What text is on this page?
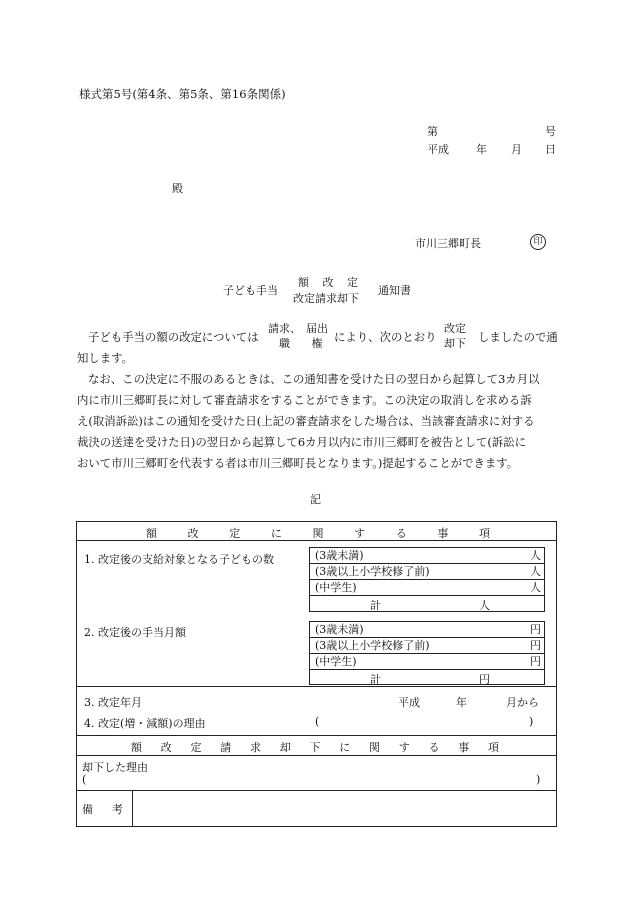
様式第5号(第4条、第5条、第16条関係)
第	号
平成 年 月 日
殿
市川三郷町長	印
子ども手当
額 改 定
改定請求却下
通知書
子ども手当の額の改定については
請求、
職
届出
権 により、次のとおり
改定
却下 しましたので通
知します。
なお、この決定に不服のあるときは、この通知書を受けた日の翌日から起算して3カ月以
内に市川三郷町長に対して審査請求をすることができます。この決定の取消しを求める訴
え(取消訴訟)はこの通知を受けた日(上記の審査請求をした場合は、当該審査請求に対する
裁決の送達を受けた日)の翌日から起算して6カ月以内に市川三郷町を被告として(訴訟に
おいて市川三郷町を代表する者は市川三郷町長となります。)提起することができます。
記
額	改	定	に	関	す	る	事	項
1. 改定後の支給対象となる子どもの数	(3歳未満)	人
(3歳以上小学校修了前)	人
(中学生)	人
計	人
2. 改定後の手当月額	(3歳未満)	円
(3歳以上小学校修了前)	円
(中学生)	円
計	円
3. 改定年月	平成	年	月から
4. 改定(増・減額)の理由	(	)
額 改 定 請 求 却 下 に 関 す る 事 項
却下した理由
(	)
備　考
